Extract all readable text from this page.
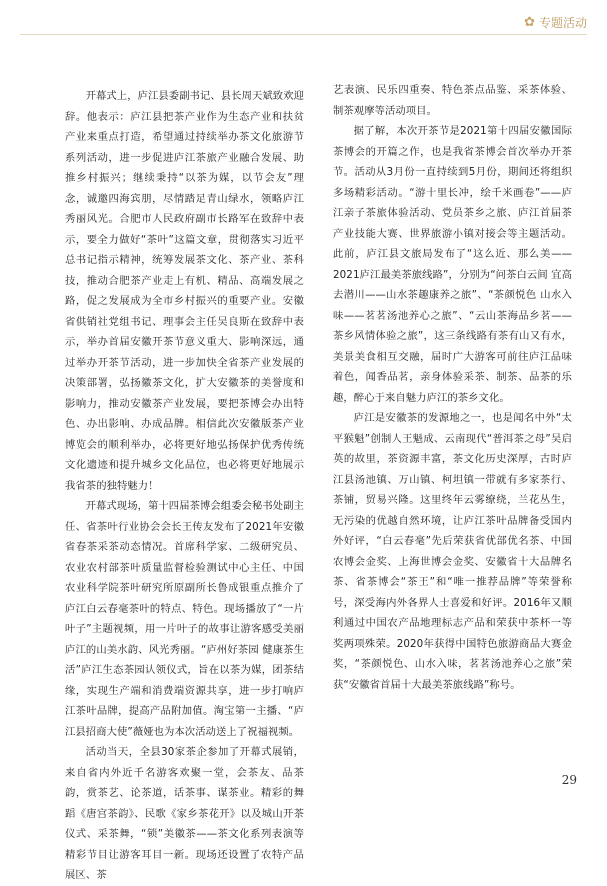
✿ 专题活动

开幕式上，庐江县委副书记、县长周天斌致欢迎辞。他表示：庐江县把茶产业作为生态产业和扶贫产业来重点打造，希望通过持续举办茶文化旅游节系列活动，进一步促进庐江茶旅产业融合发展、助推乡村振兴；继续秉持“以茶为媒，以节会友”理念，诚邀四海宾朋，尽情踏足青山绿水，领略庐江秀丽风光。合肥市人民政府副市长路军在致辞中表示，要全力做好“茶叶”这篇文章，贯彻落实习近平总书记指示精神，统筹发展茶文化、茶产业、茶科技，推动合肥茶产业走上有机、精品、高端发展之路，促之发展成为全市乡村振兴的重要产业。安徽省供销社党组书记、理事会主任吴良斯在致辞中表示，举办首届安徽开茶节意义重大、影响深远，通过举办开茶节活动，进一步加快全省茶产业发展的决策部署，弘扬徽茶文化，扩大安徽茶的美誉度和影响力，推动安徽茶产业发展，要把茶博会办出特色、办出影响、办成品牌。相信此次安徽版茶产业博览会的顺利举办，必将更好地弘扬保护优秀传统文化遗迹和提升城乡文化品位，也必将更好地展示我省茶的独特魅力！

开幕式现场，第十四届茶博会组委会秘书处副主任、省茶叶行业协会会长王传友发布了2021年安徽省春茶采茶动态情况。首席科学家、二级研究员、农业农村部茶叶质量监督检验测试中心主任、中国农业科学院茶叶研究所原副所长鲁成银重点推介了庐江白云春毫茶叶的特点、特色。现场播放了“一片叶子”主题视频，用一片叶子的故事让游客感受美丽庐江的山美水韵、风光秀丽。“庐州好茶园 健康茶生活”庐江生态茶园认领仪式，旨在以茶为媒，团茶结缘，实现生产端和消费端资源共享，进一步打响庐江茶叶品牌，提高产品附加值。淘宝第一主播、“庐江县招商大使”薇娅也为本次活动送上了祝福视频。

活动当天，全县30家茶企参加了开幕式展销，来自省内外近千名游客欢聚一堂，会茶友、品茶韵，赏茶艺、论茶道，话茶事、谋茶业。精彩的舞蹈《唐宫茶韵》、民歌《家乡茶花开》以及城山开茶仪式、采茶舞，“锁”美徽茶——茶文化系列表演等精彩节目让游客耳目一新。现场还设置了农特产品展区、茶

艺表演、民乐四重奏、特色茶点品鉴、采茶体验、制茶观摩等活动项目。

据了解，本次开茶节是2021第十四届安徽国际茶博会的开篇之作，也是我省茶博会首次举办开茶节。活动从3月份一直持续到5月份，期间还将组织多场精彩活动。“游十里长冲，绘千米画卷”——庐江亲子茶旅体验活动、党员茶乡之旅、庐江首届茶产业技能大赛、世界旅游小镇对接会等主题活动。此前，庐江县文旅局发布了“这么近、那么美——2021庐江最美茶旅线路”，分别为“问茶白云间 宜高去潜川——山水茶趣康养之旅”、“茶颜悦色 山水入味——茗茗汤池养心之旅”、“云山茶海品乡茗——茶乡风情体验之旅”，这三条线路有茶有山又有水，美景美食相互交融，届时广大游客可前往庐江品味着色，闻香品茗，亲身体验采茶、制茶、品茶的乐趣，醉心于来自魅力庐江的茶乡文化。

庐江是安徽茶的发源地之一，也是闻名中外“太平猴魁”创制人王魁成、云南现代“普洱茶之母”吴启英的故里，茶资源丰富，茶文化历史深厚，古时庐江县汤池镇、万山镇、柯坦镇一带就有多家茶行、茶铺，贸易兴隆。这里终年云雾缭绕，兰花丛生，无污染的优越自然环境，让庐江茶叶品牌备受国内外好评，“白云春毫”先后荣获省优部优名茶、中国农博会金奖、上海世博会金奖、安徽省十大品牌名茶、省茶博会“茶王”和“唯一推荐品牌”等荣誉称号，深受海内外各界人士喜爱和好评。2016年又顺利通过中国农产品地理标志产品和荣获中茶杯一等奖两项殊荣。2020年获得中国特色旅游商品大赛金奖，“茶颜悦色、山水入味，茗茗汤池养心之旅”荣获“安徽省首届十大最美茶旅线路”称号。

29
